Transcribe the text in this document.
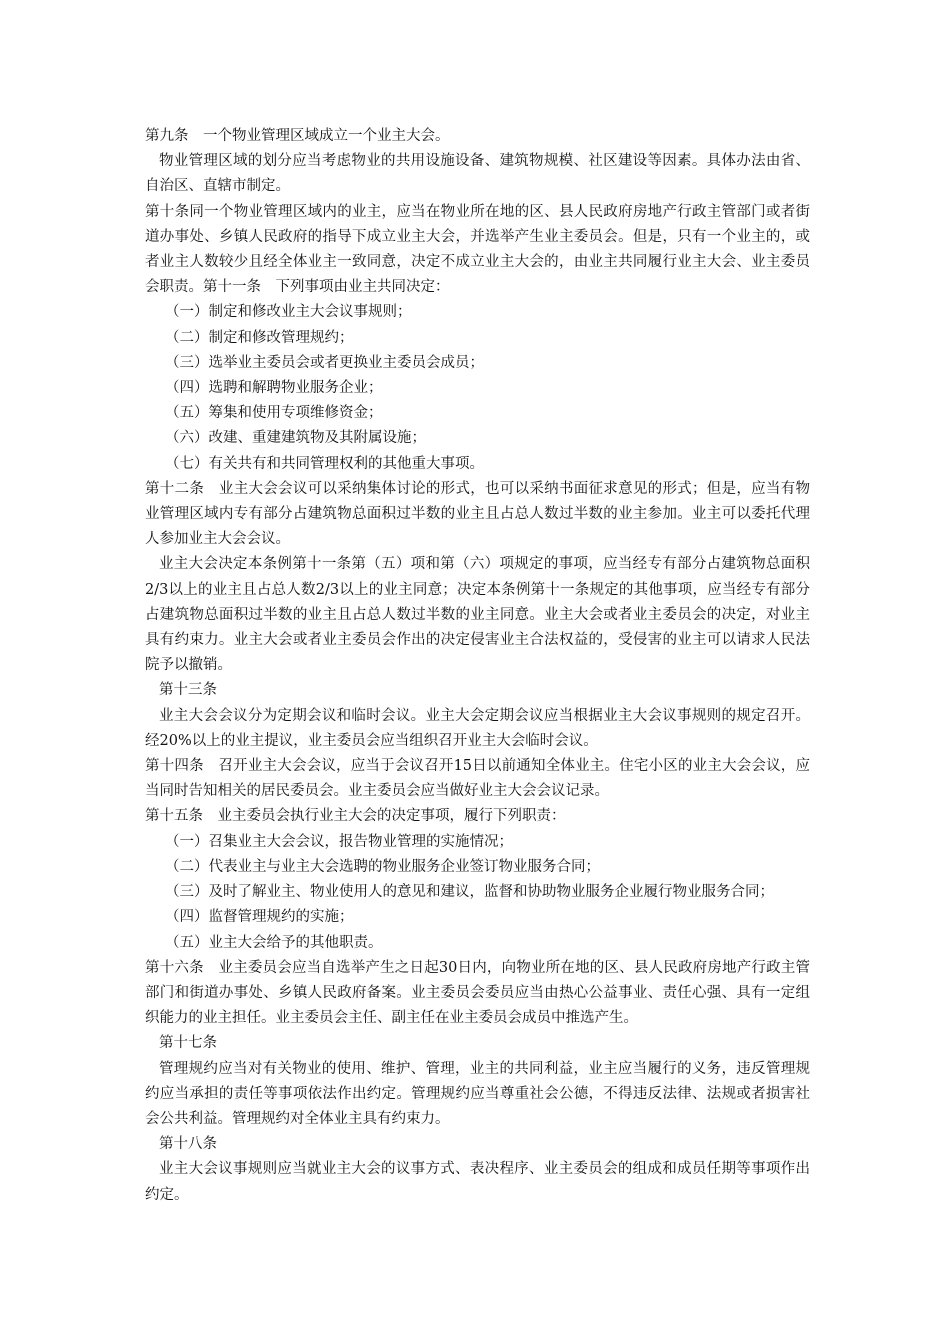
第九条　一个物业管理区域成立一个业主大会。

物业管理区域的划分应当考虑物业的共用设施设备、建筑物规模、社区建设等因素。具体办法由省、自治区、直辖市制定。

第十条同一个物业管理区域内的业主，应当在物业所在地的区、县人民政府房地产行政主管部门或者街道办事处、乡镇人民政府的指导下成立业主大会，并选举产生业主委员会。但是，只有一个业主的，或者业主人数较少且经全体业主一致同意，决定不成立业主大会的，由业主共同履行业主大会、业主委员会职责。第十一条　下列事项由业主共同决定：

（一）制定和修改业主大会议事规则；

（二）制定和修改管理规约；

（三）选举业主委员会或者更换业主委员会成员；

（四）选聘和解聘物业服务企业；

（五）筹集和使用专项维修资金；

（六）改建、重建建筑物及其附属设施；

（七）有关共有和共同管理权利的其他重大事项。

第十二条　业主大会会议可以采纳集体讨论的形式，也可以采纳书面征求意见的形式；但是，应当有物业管理区域内专有部分占建筑物总面积过半数的业主且占总人数过半数的业主参加。业主可以委托代理人参加业主大会会议。

业主大会决定本条例第十一条第（五）项和第（六）项规定的事项，应当经专有部分占建筑物总面积2/3以上的业主且占总人数2/3以上的业主同意；决定本条例第十一条规定的其他事项，应当经专有部分占建筑物总面积过半数的业主且占总人数过半数的业主同意。业主大会或者业主委员会的决定，对业主具有约束力。业主大会或者业主委员会作出的决定侵害业主合法权益的，受侵害的业主可以请求人民法院予以撤销。

第十三条

业主大会会议分为定期会议和临时会议。业主大会定期会议应当根据业主大会议事规则的规定召开。经20%以上的业主提议，业主委员会应当组织召开业主大会临时会议。

第十四条　召开业主大会会议，应当于会议召开15日以前通知全体业主。住宅小区的业主大会会议，应当同时告知相关的居民委员会。业主委员会应当做好业主大会会议记录。

第十五条　业主委员会执行业主大会的决定事项，履行下列职责：

（一）召集业主大会会议，报告物业管理的实施情况；

（二）代表业主与业主大会选聘的物业服务企业签订物业服务合同；

（三）及时了解业主、物业使用人的意见和建议，监督和协助物业服务企业履行物业服务合同；

（四）监督管理规约的实施；

（五）业主大会给予的其他职责。

第十六条　业主委员会应当自选举产生之日起30日内，向物业所在地的区、县人民政府房地产行政主管部门和街道办事处、乡镇人民政府备案。业主委员会委员应当由热心公益事业、责任心强、具有一定组织能力的业主担任。业主委员会主任、副主任在业主委员会成员中推选产生。

第十七条

管理规约应当对有关物业的使用、维护、管理，业主的共同利益，业主应当履行的义务，违反管理规约应当承担的责任等事项依法作出约定。管理规约应当尊重社会公德，不得违反法律、法规或者损害社会公共利益。管理规约对全体业主具有约束力。

第十八条

业主大会议事规则应当就业主大会的议事方式、表决程序、业主委员会的组成和成员任期等事项作出约定。
